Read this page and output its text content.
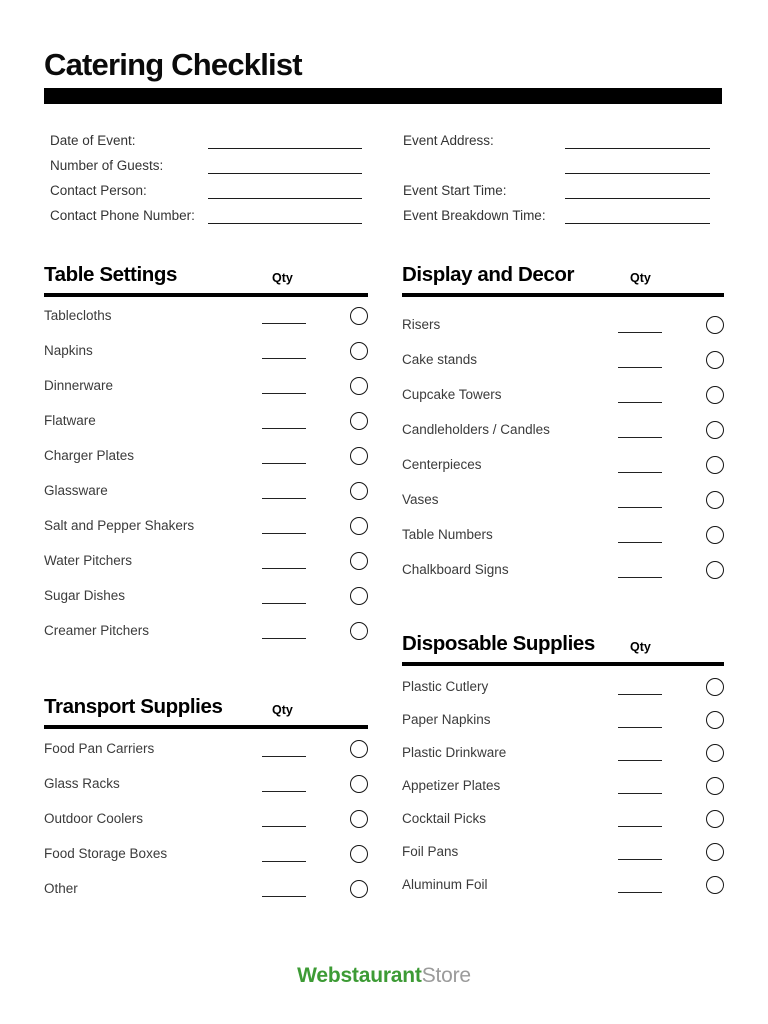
Catering Checklist
Date of Event:
Number of Guests:
Contact Person:
Contact Phone Number:
Event Address:
Event Start Time:
Event Breakdown Time:
Table Settings	Qty
Tablecloths
Napkins
Dinnerware
Flatware
Charger Plates
Glassware
Salt and Pepper Shakers
Water Pitchers
Sugar Dishes
Creamer Pitchers
Transport Supplies	Qty
Food Pan Carriers
Glass Racks
Outdoor Coolers
Food Storage Boxes
Other
Display and Decor	Qty
Risers
Cake stands
Cupcake Towers
Candleholders / Candles
Centerpieces
Vases
Table Numbers
Chalkboard Signs
Disposable Supplies	Qty
Plastic Cutlery
Paper Napkins
Plastic Drinkware
Appetizer Plates
Cocktail Picks
Foil Pans
Aluminum Foil
WebstaurantStore
